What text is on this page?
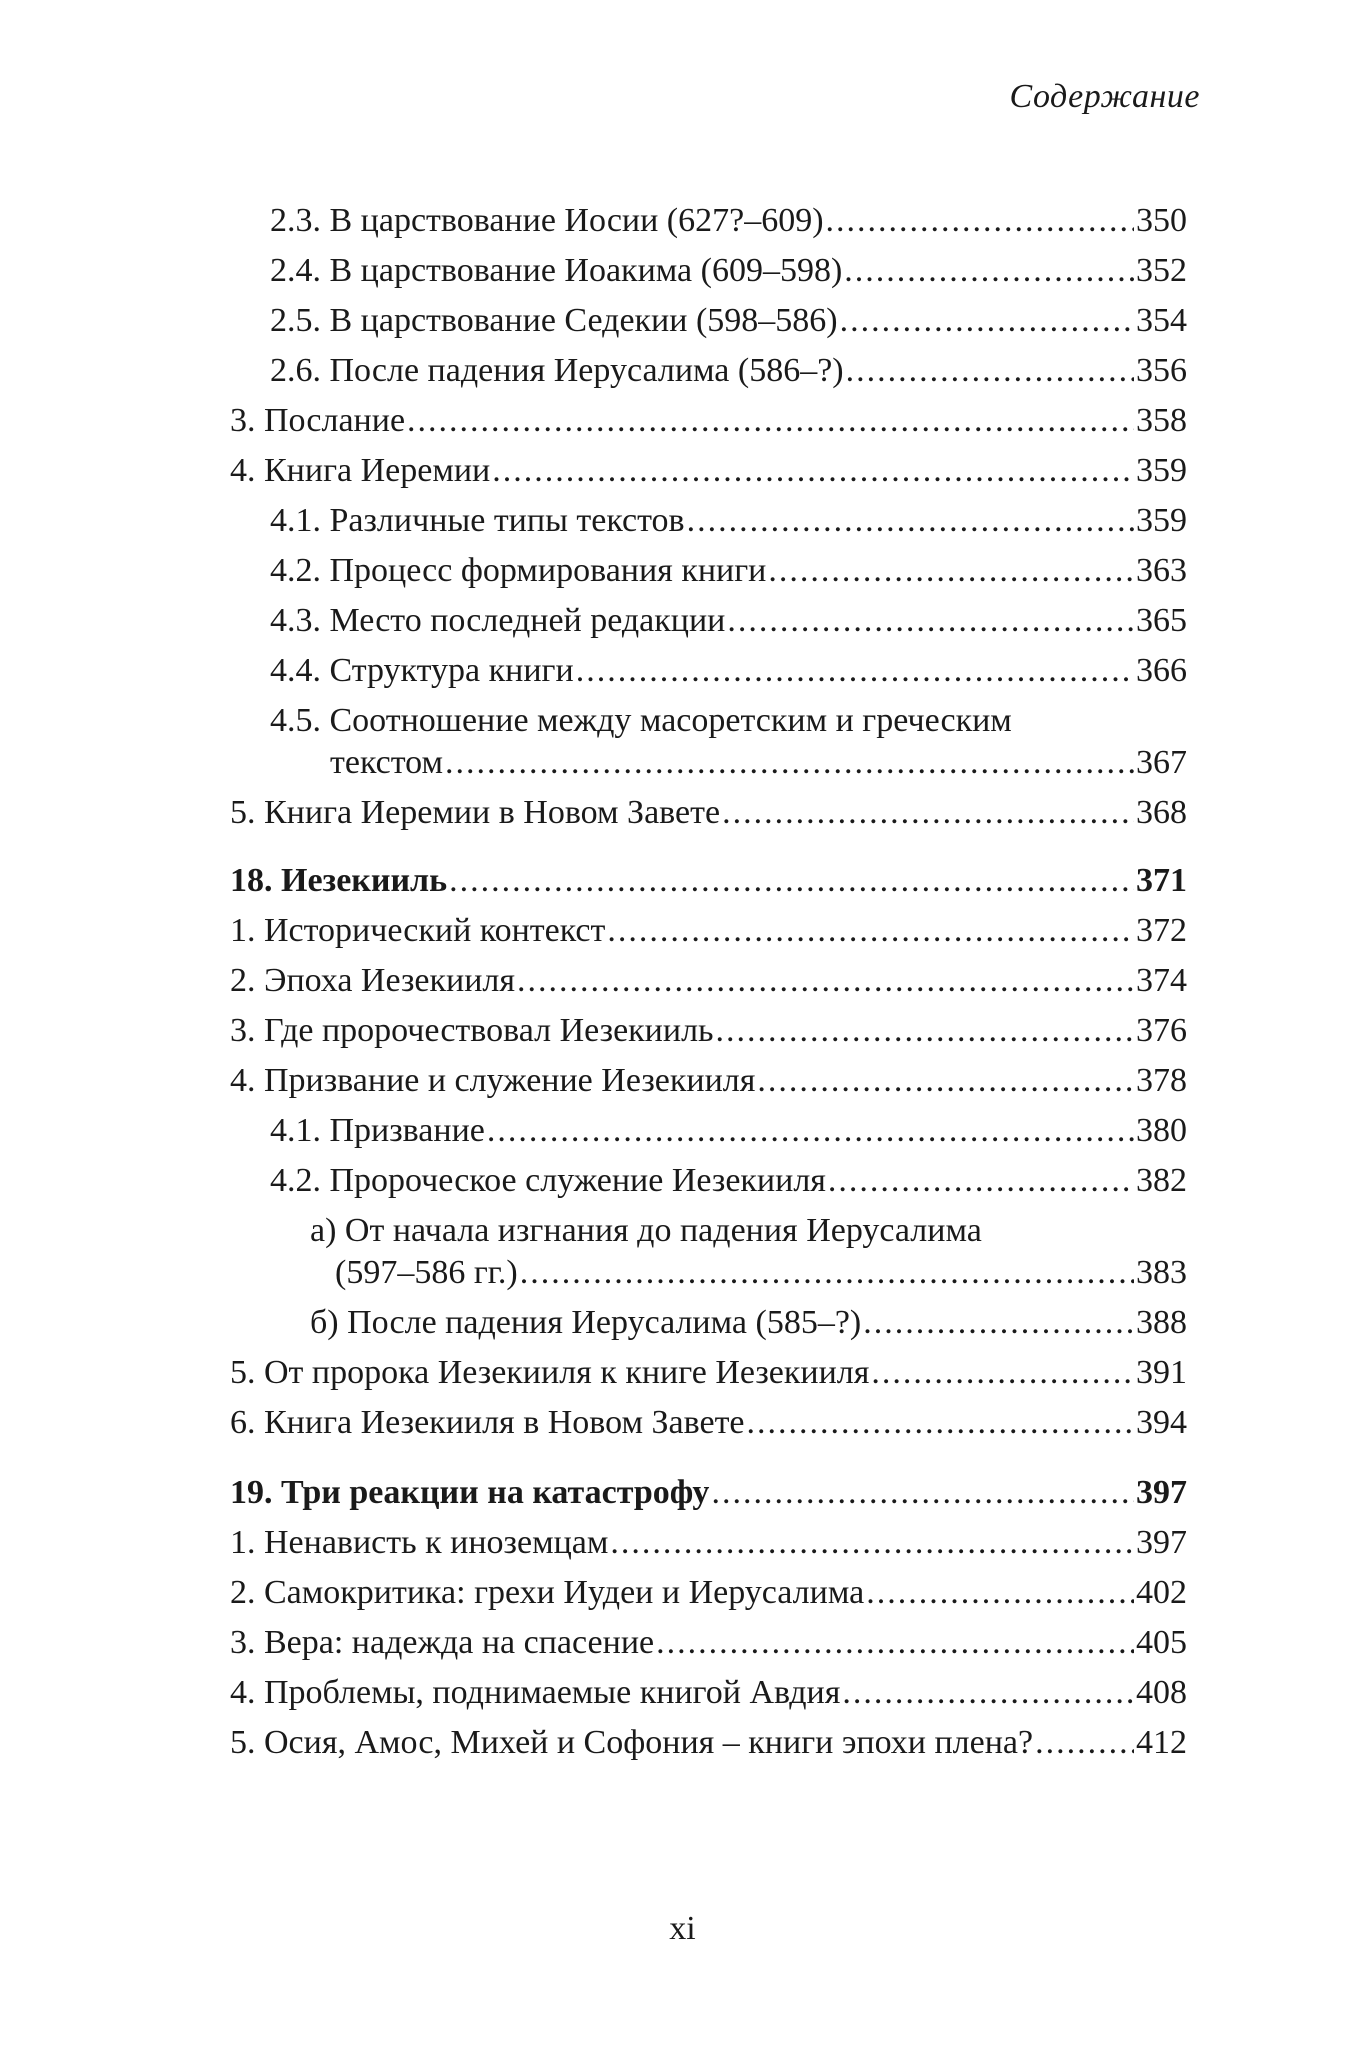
Содержание
2.3. В царствование Иосии (627?–609) .....	350
2.4. В царствование Иоакима (609–598) .....	352
2.5. В царствование Седекии (598–586) .....	354
2.6. После падения Иерусалима (586–?) .....	356
3. Послание .....	358
4. Книга Иеремии .....	359
4.1. Различные типы текстов .....	359
4.2. Процесс формирования книги .....	363
4.3. Место последней редакции .....	365
4.4. Структура книги .....	366
4.5. Соотношение между масоретским и греческим
текстом .....	367
5. Книга Иеремии в Новом Завете .....	368
18. Иезекииль .....	371
1. Исторический контекст .....	372
2. Эпоха Иезекииля .....	374
3. Где пророчествовал Иезекииль .....	376
4. Призвание и служение Иезекииля .....	378
4.1. Призвание .....	380
4.2. Пророческое служение Иезекииля .....	382
а) От начала изгнания до падения Иерусалима
(597–586 гг.) .....	383
б) После падения Иерусалима (585–?) .....	388
5. От пророка Иезекииля к книге Иезекииля .....	391
6. Книга Иезекииля в Новом Завете .....	394
19. Три реакции на катастрофу .....	397
1. Ненависть к иноземцам .....	397
2. Самокритика: грехи Иудеи и Иерусалима .....	402
3. Вера: надежда на спасение .....	405
4. Проблемы, поднимаемые книгой Авдия .....	408
5. Осия, Амос, Михей и Софония – книги эпохи плена? .....	412
xi
